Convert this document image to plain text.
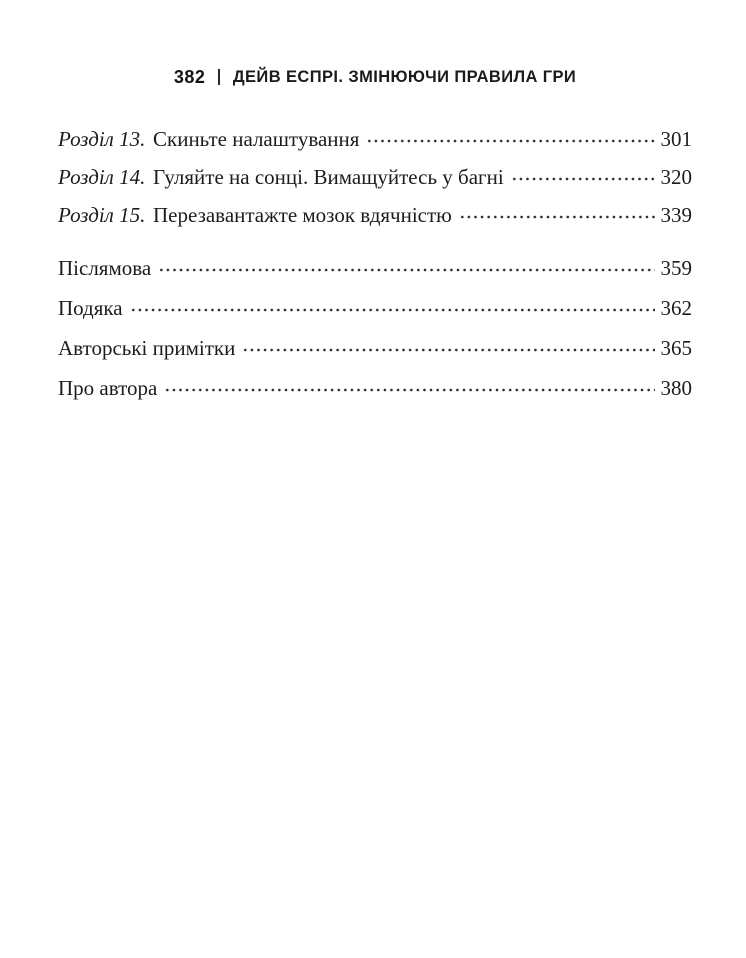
382 ДЕЙВ ЕСПРІ. ЗМІНЮЮЧИ ПРАВИЛА ГРИ
Розділ 13. Скиньте налаштування	301
Розділ 14. Гуляйте на сонці. Вимащуйтесь у багні	320
Розділ 15. Перезавантажте мозок вдячністю	339
Післямова	359
Подяка	362
Авторські примітки	365
Про автора	380
